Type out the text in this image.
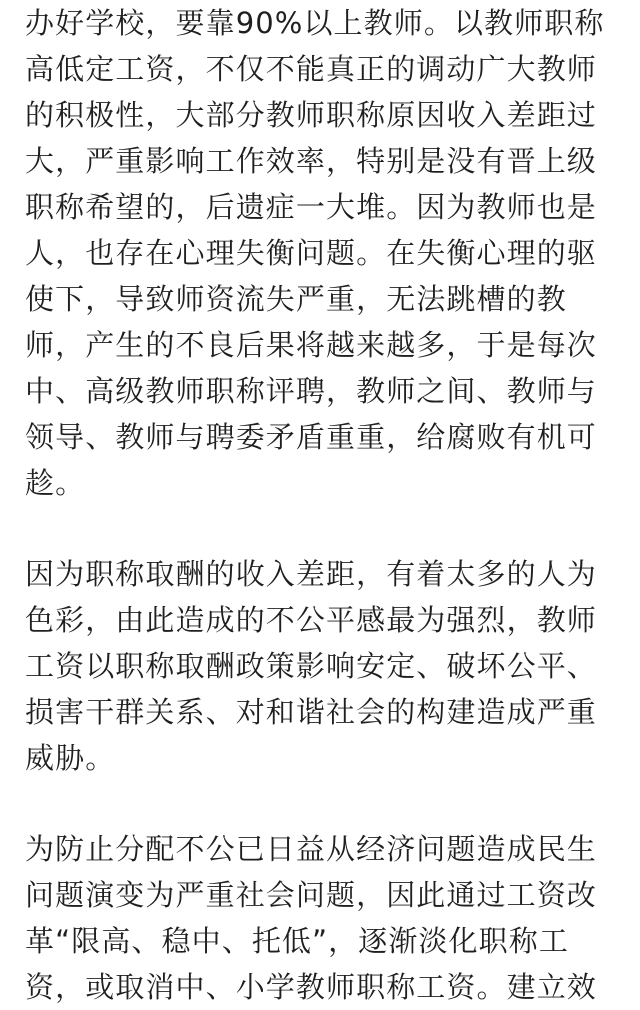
办好学校，要靠90%以上教师。以教师职称
高低定工资，不仅不能真正的调动广大教师
的积极性，大部分教师职称原因收入差距过
大，严重影响工作效率，特别是没有晋上级
职称希望的，后遗症一大堆。因为教师也是
人，也存在心理失衡问题。在失衡心理的驱
使下，导致师资流失严重，无法跳槽的教
师，产生的不良后果将越来越多，于是每次
中、高级教师职称评聘，教师之间、教师与
领导、教师与聘委矛盾重重，给腐败有机可
趁。
因为职称取酬的收入差距，有着太多的人为
色彩，由此造成的不公平感最为强烈，教师
工资以职称取酬政策影响安定、破坏公平、
损害干群关系、对和谐社会的构建造成严重
威胁。
为防止分配不公已日益从经济问题造成民生
问题演变为严重社会问题，因此通过工资改
革“限高、稳中、托低”，逐渐淡化职称工
资，或取消中、小学教师职称工资。建立效
